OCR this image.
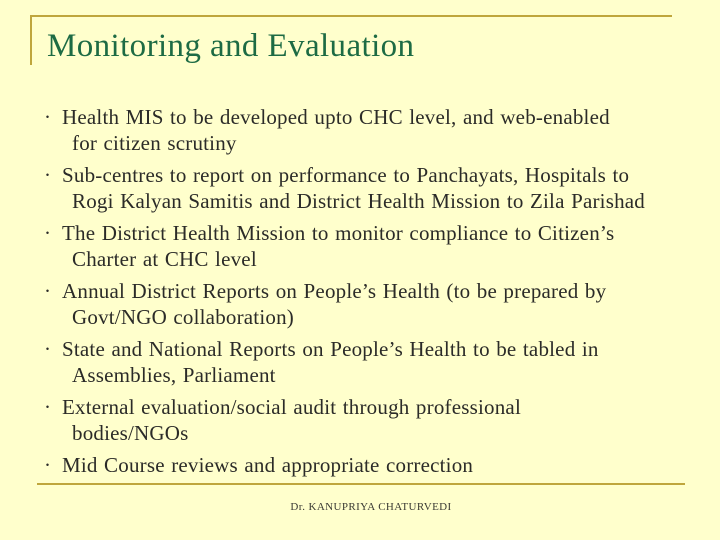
Monitoring and Evaluation
· Health MIS to be developed upto CHC level, and web-enabled
for citizen scrutiny
· Sub-centres to report on performance to Panchayats, Hospitals to
Rogi Kalyan Samitis and District Health Mission to Zila Parishad
· The District Health Mission to monitor compliance to Citizen’s
Charter at CHC level
· Annual District Reports on People’s Health (to be prepared by
Govt/NGO collaboration)
· State and National Reports on People’s Health to be tabled in
Assemblies, Parliament
· External evaluation/social audit through professional
bodies/NGOs
· Mid Course reviews and appropriate correction
Dr. KANUPRIYA CHATURVEDI
